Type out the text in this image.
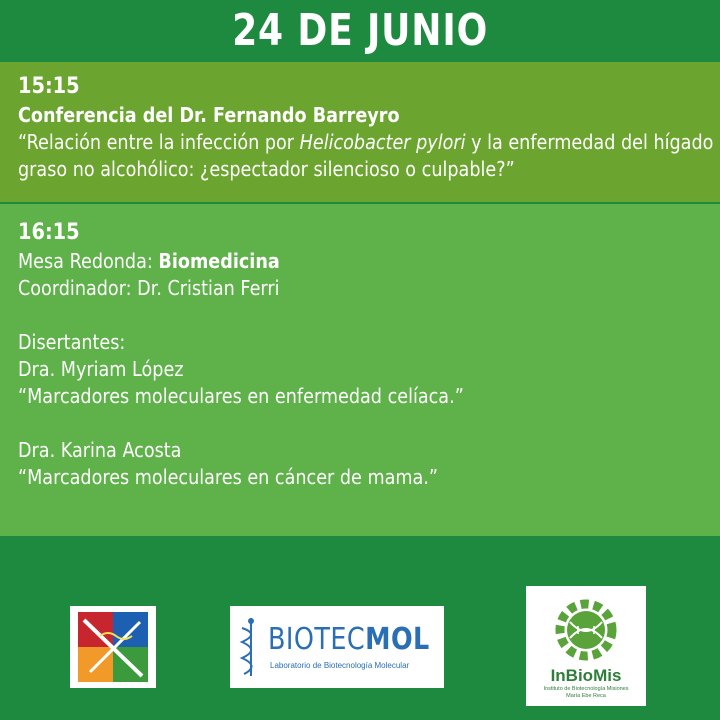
24 DE JUNIO
15:15
Conferencia del Dr. Fernando Barreyro
“Relación entre la infección por Helicobacter pylori y la enfermedad del hígado
graso no alcohólico: ¿espectador silencioso o culpable?”
16:15
Mesa Redonda: Biomedicina
Coordinador: Dr. Cristian Ferri
Disertantes:
Dra. Myriam López
“Marcadores moleculares en enfermedad celíaca.”
Dra. Karina Acosta
“Marcadores moleculares en cáncer de mama.”
BIOTECMOL
Laboratorio de Biotecnología Molecular
InBioMis
Instituto de Biotecnología Misiones
María Ebe Reca
